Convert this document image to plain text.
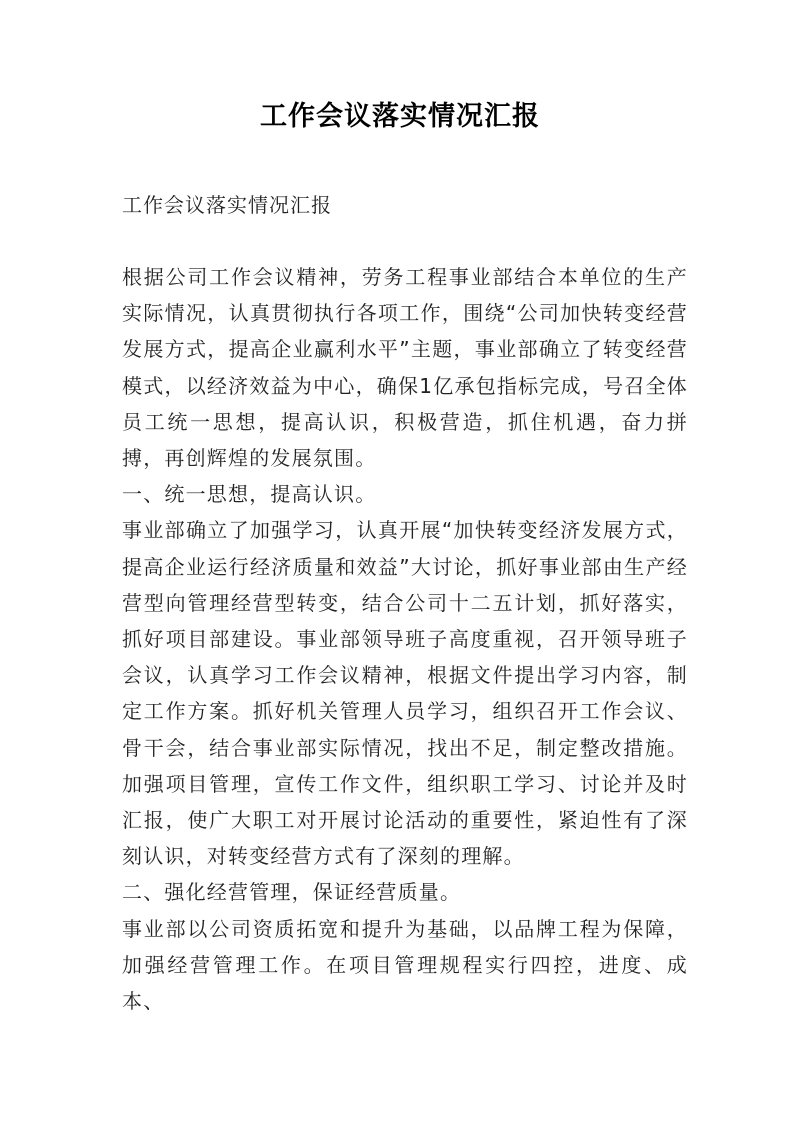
工作会议落实情况汇报

工作会议落实情况汇报

根据公司工作会议精神，劳务工程事业部结合本单位的生产实际情况，认真贯彻执行各项工作，围绕“公司加快转变经营发展方式，提高企业赢利水平”主题，事业部确立了转变经营模式，以经济效益为中心，确保1亿承包指标完成，号召全体员工统一思想，提高认识，积极营造，抓住机遇，奋力拼搏，再创辉煌的发展氛围。

一、统一思想，提高认识。

事业部确立了加强学习，认真开展“加快转变经济发展方式，提高企业运行经济质量和效益”大讨论，抓好事业部由生产经营型向管理经营型转变，结合公司十二五计划，抓好落实，抓好项目部建设。事业部领导班子高度重视，召开领导班子会议，认真学习工作会议精神，根据文件提出学习内容，制定工作方案。抓好机关管理人员学习，组织召开工作会议、骨干会，结合事业部实际情况，找出不足，制定整改措施。加强项目管理，宣传工作文件，组织职工学习、讨论并及时汇报，使广大职工对开展讨论活动的重要性，紧迫性有了深刻认识，对转变经营方式有了深刻的理解。

二、强化经营管理，保证经营质量。

事业部以公司资质拓宽和提升为基础，以品牌工程为保障，加强经营管理工作。在项目管理规程实行四控，进度、成本、
